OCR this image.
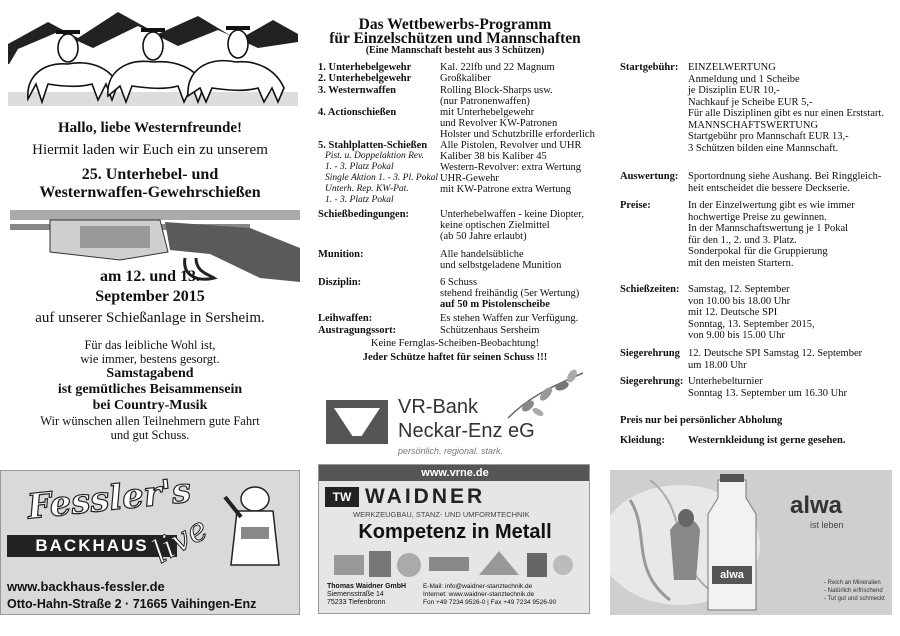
Hallo, liebe Westernfreunde!
Hiermit laden wir Euch ein zu unserem
25. Unterhebel- und
Westernwaffen-Gewehrschießen
am 12. und 13.
September 2015
auf unserer Schießanlage in Sersheim.
Für das leibliche Wohl ist,
wie immer, bestens gesorgt.
Samstagabend
ist gemütliches Beisammensein
bei Country-Musik
Wir wünschen allen Teilnehmern gute Fahrt
und gut Schuss.
Das Wettbewerbs-Programm
für Einzelschützen und Mannschaften
(Eine Mannschaft besteht aus 3 Schützen)
1. Unterhebelgewehr	Kal. 22lfb und 22 Magnum
2. Unterhebelgewehr	Großkaliber
3. Westernwaffen	Rolling Block-Sharps usw.
(nur Patronenwaffen)
4. Actionschießen	mit Unterhebelgewehr
und Revolver KW-Patronen
Holster und Schutzbrille erforderlich
5. Stahlplatten-Schießen Alle Pistolen, Revolver und UHR
Kaliber 38 bis Kaliber 45
Western-Revolver: extra Wertung
UHR-Gewehr
mit KW-Patrone extra Wertung
Pist. u. Doppelaktion Rev.
1. - 3. Platz Pokal
Single Aktion 1. - 3. Pl. Pokal
Unterh. Rep. KW-Pat.
1. - 3. Platz Pokal
Schießbedingungen:	Unterhebelwaffen - keine Diopter,
keine optischen Zielmittel
(ab 50 Jahre erlaubt)
Munition:	Alle handelsübliche
und selbstgeladene Munition
Disziplin:	6 Schuss
stehend freihändig (5er Wertung)
auf 50 m Pistolenscheibe
Leihwaffen:	Es stehen Waffen zur Verfügung.
Austragungssort:	Schützenhaus Sersheim
Keine Fernglas-Scheiben-Beobachtung!
Jeder Schütze haftet für seinen Schuss !!!
VR-Bank
Neckar-Enz eG
persönlich. regional. stark.
www.vrne.de
TW WAIDNER
WERKZEUGBAU, STANZ- UND UMFORMTECHNIK
Kompetenz in Metall
Thomas Waidner GmbH
Siemensstraße 14
75233 Tiefenbronn
E-Mail: info@waidner-stanztechnik.de
Internet: www.waidner-stanztechnik.de
Fon +49 7234 9526-0 | Fax +49 7234 9526-90
Startgebühr: EINZELWERTUNG
Anmeldung und 1 Scheibe
je Disziplin EUR 10,-
Nachkauf je Scheibe EUR 5,-
Für alle Disziplinen gibt es nur einen Erststart.
MANNSCHAFTSWERTUNG
Startgebühr pro Mannschaft EUR 13,-
3 Schützen bilden eine Mannschaft.
Auswertung: Sportordnung siehe Aushang. Bei Ringgleich-
heit entscheidet die bessere Deckserie.
Preise:	In der Einzelwertung gibt es wie immer
hochwertige Preise zu gewinnen.
In der Mannschaftswertung je 1 Pokal
für den 1., 2. und 3. Platz.
Sonderpokal für die Gruppierung
mit den meisten Startern.
Schießzeiten: Samstag, 12. September
von 10.00 bis 18.00 Uhr
mit 12. Deutsche SPI
Sonntag, 13. September 2015,
von 9.00 bis 15.00 Uhr
Siegerehrung 12. Deutsche SPI Samstag 12. September
um 18.00 Uhr
Siegerehrung: Unterhebelturnier
Sonntag 13. September um 16.30 Uhr
Preis nur bei persönlicher Abholung
Kleidung: Westernkleidung ist gerne gesehen.
Fessler's
BACKHAUS
live
www.backhaus-fessler.de
Otto-Hahn-Straße 2 · 71665 Vaihingen-Enz
alwa
alwa
ist leben
- Reich an Mineralien
- Natürlich erfrischend
- Tut gut und schmeckt
